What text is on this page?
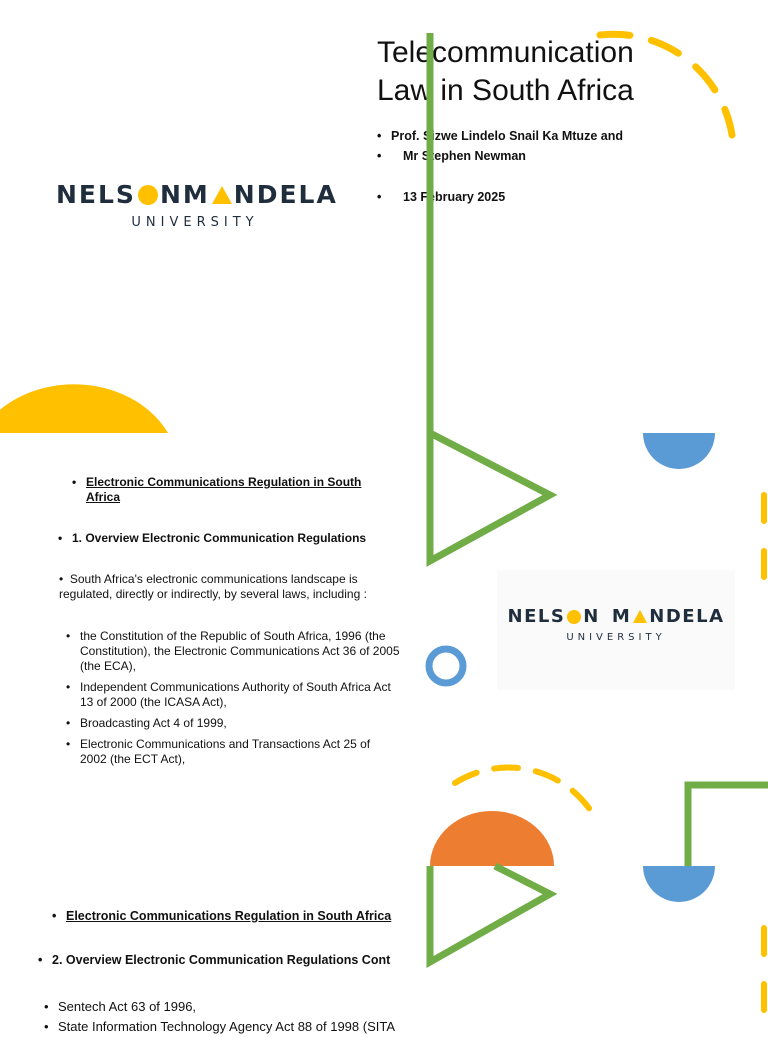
Telecommunication
Law in South Africa
• Prof. Sizwe Lindelo Snail Ka Mtuze and
• Mr Stephen Newman
• 13 February 2025
NELS N M NDELA
UNIVERSITY
• Electronic Communications Regulation in South Africa
• 1. Overview Electronic Communication Regulations
•  South Africa's electronic communications landscape is regulated, directly or indirectly, by several laws, including :
• the Constitution of the Republic of South Africa, 1996 (the Constitution), the Electronic Communications Act 36 of 2005 (the ECA),
• Independent Communications Authority of South Africa Act 13 of 2000 (the ICASA Act),
• Broadcasting Act 4 of 1999,
• Electronic Communications and Transactions Act 25 of 2002 (the ECT Act),
NELS N M NDELA
UNIVERSITY
• Electronic Communications Regulation in South Africa
• 2. Overview Electronic Communication Regulations Cont
• Sentech Act 63 of 1996,
• State Information Technology Agency Act 88 of 1998 (SITA
